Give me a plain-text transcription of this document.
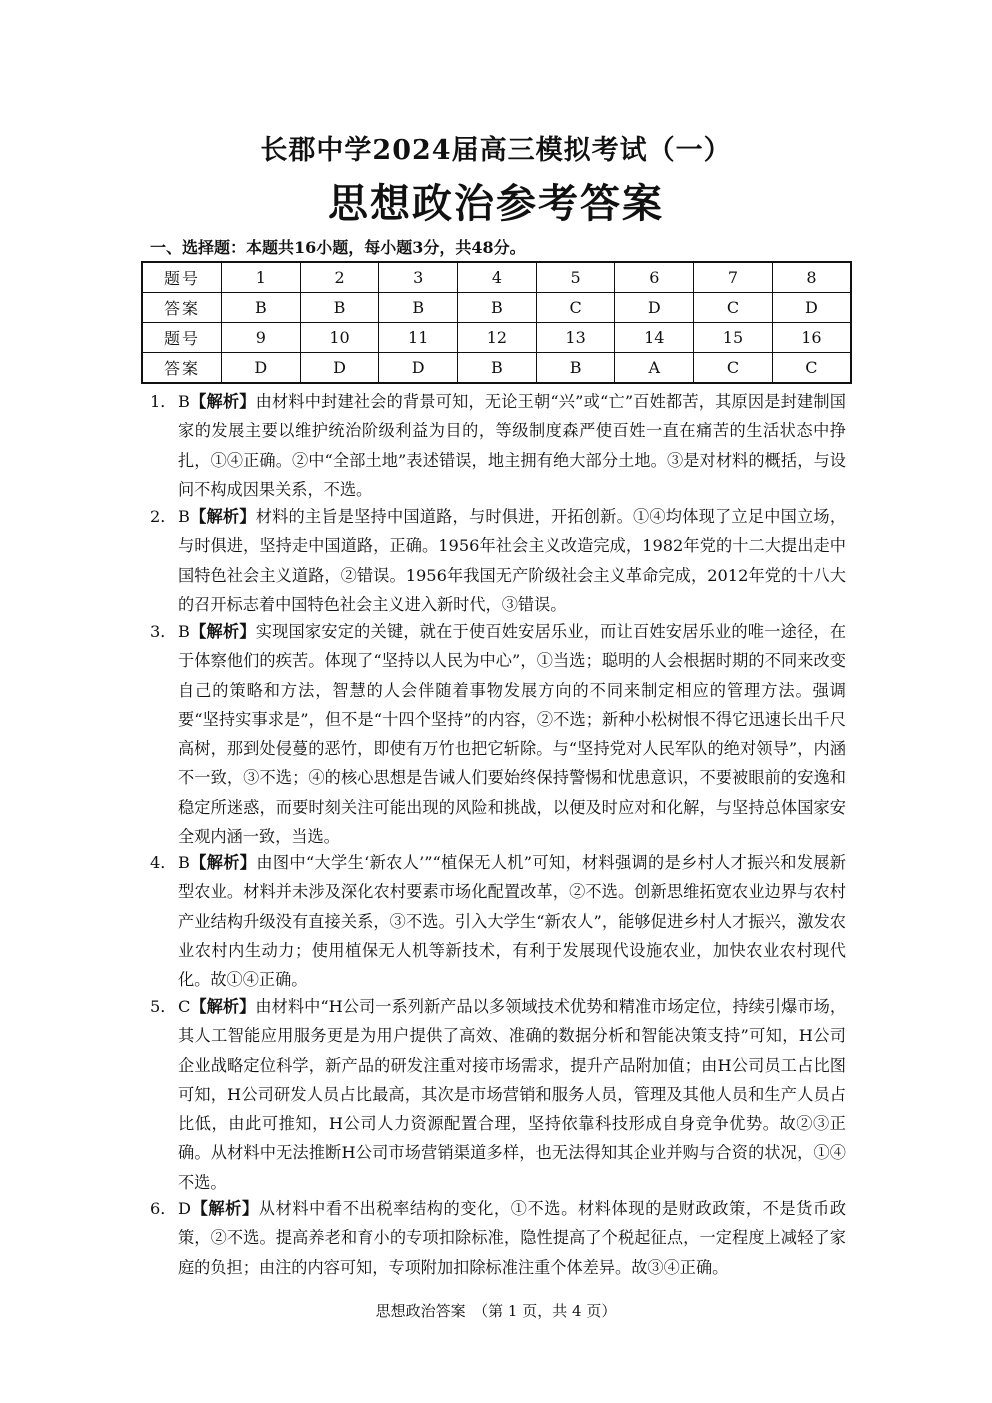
长郡中学2024届高三模拟考试（一）
思想政治参考答案
一、选择题：本题共16小题，每小题3分，共48分。
题号	1	2	3	4	5	6	7	8
答案	B	B	B	B	C	D	C	D
题号	9	10	11	12	13	14	15	16
答案	D	D	D	B	B	A	C	C
1． B【解析】由材料中封建社会的背景可知，无论王朝“兴”或“亡”百姓都苦，其原因是封建制国家的发展主要以维护统治阶级利益为目的，等级制度森严使百姓一直在痛苦的生活状态中挣扎，①④正确。②中“全部土地”表述错误，地主拥有绝大部分土地。③是对材料的概括，与设问不构成因果关系，不选。
2． B【解析】材料的主旨是坚持中国道路，与时俱进，开拓创新。①④均体现了立足中国立场，与时俱进，坚持走中国道路，正确。1956年社会主义改造完成，1982年党的十二大提出走中国特色社会主义道路，②错误。1956年我国无产阶级社会主义革命完成，2012年党的十八大的召开标志着中国特色社会主义进入新时代，③错误。
3． B【解析】实现国家安定的关键，就在于使百姓安居乐业，而让百姓安居乐业的唯一途径，在于体察他们的疾苦。体现了“坚持以人民为中心”，①当选；聪明的人会根据时期的不同来改变自己的策略和方法，智慧的人会伴随着事物发展方向的不同来制定相应的管理方法。强调要“坚持实事求是”，但不是“十四个坚持”的内容，②不选；新种小松树恨不得它迅速长出千尺高树，那到处侵蔓的恶竹，即使有万竹也把它斩除。与“坚持党对人民军队的绝对领导”，内涵不一致，③不选；④的核心思想是告诫人们要始终保持警惕和忧患意识，不要被眼前的安逸和稳定所迷惑，而要时刻关注可能出现的风险和挑战，以便及时应对和化解，与坚持总体国家安全观内涵一致，当选。
4． B【解析】由图中“大学生‘新农人’”“植保无人机”可知，材料强调的是乡村人才振兴和发展新型农业。材料并未涉及深化农村要素市场化配置改革，②不选。创新思维拓宽农业边界与农村产业结构升级没有直接关系，③不选。引入大学生“新农人”，能够促进乡村人才振兴，激发农业农村内生动力；使用植保无人机等新技术，有利于发展现代设施农业，加快农业农村现代化。故①④正确。
5． C【解析】由材料中“H公司一系列新产品以多领域技术优势和精准市场定位，持续引爆市场，其人工智能应用服务更是为用户提供了高效、准确的数据分析和智能决策支持”可知，H公司企业战略定位科学，新产品的研发注重对接市场需求，提升产品附加值；由H公司员工占比图可知，H公司研发人员占比最高，其次是市场营销和服务人员，管理及其他人员和生产人员占比低，由此可推知，H公司人力资源配置合理，坚持依靠科技形成自身竞争优势。故②③正确。从材料中无法推断H公司市场营销渠道多样，也无法得知其企业并购与合资的状况，①④不选。
6． D【解析】从材料中看不出税率结构的变化，①不选。材料体现的是财政政策，不是货币政策，②不选。提高养老和育小的专项扣除标准，隐性提高了个税起征点，一定程度上减轻了家庭的负担；由注的内容可知，专项附加扣除标准注重个体差异。故③④正确。
思想政治答案　（第 1 页，共 4 页）
